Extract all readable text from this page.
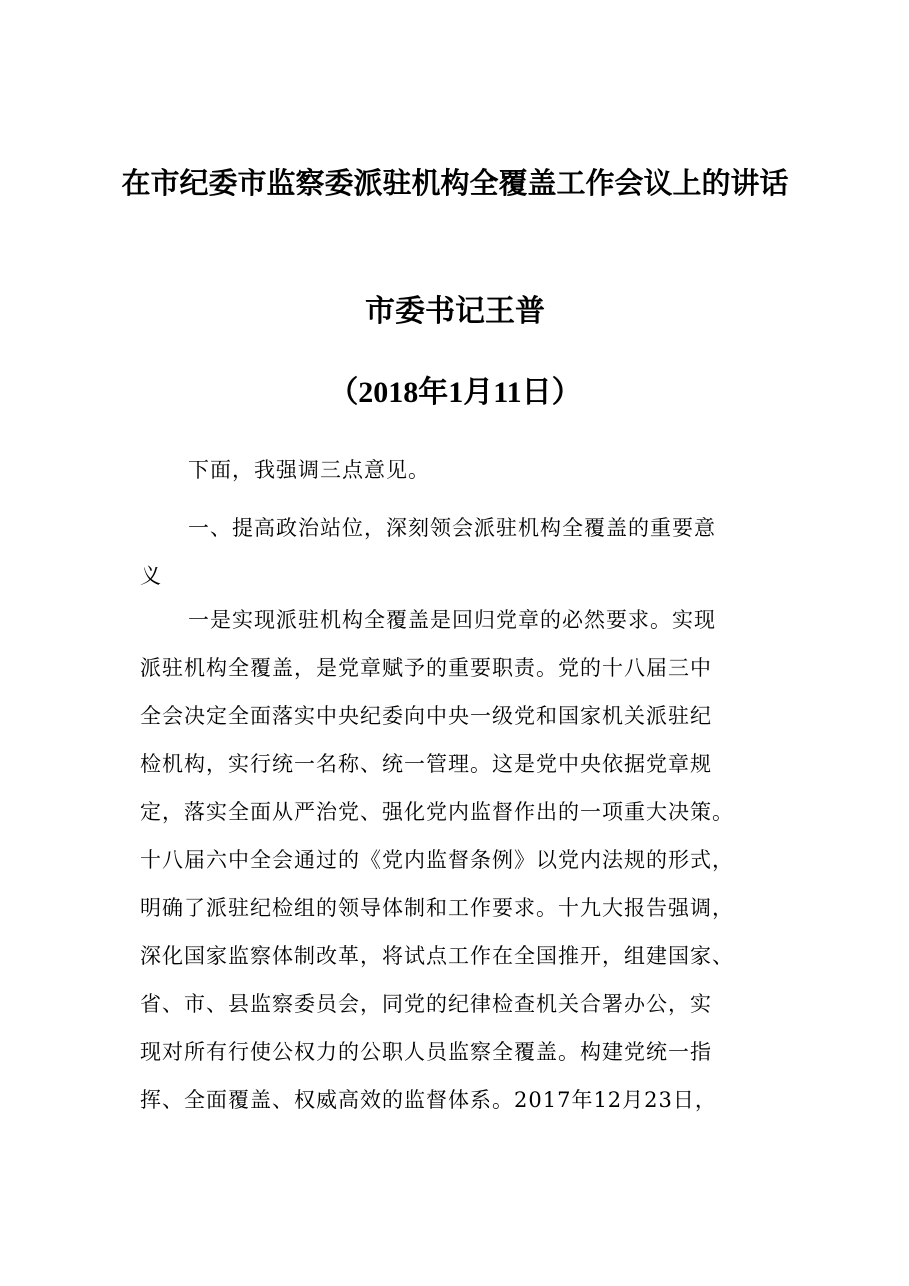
在市纪委市监察委派驻机构全覆盖工作会议上的讲话
市委书记王普
（2018年1月11日）
下面，我强调三点意见。
一、提高政治站位，深刻领会派驻机构全覆盖的重要意
义
一是实现派驻机构全覆盖是回归党章的必然要求。实现
派驻机构全覆盖，是党章赋予的重要职责。党的十八届三中
全会决定全面落实中央纪委向中央一级党和国家机关派驻纪
检机构，实行统一名称、统一管理。这是党中央依据党章规
定，落实全面从严治党、强化党内监督作出的一项重大决策。
十八届六中全会通过的《党内监督条例》以党内法规的形式，
明确了派驻纪检组的领导体制和工作要求。十九大报告强调，
深化国家监察体制改革，将试点工作在全国推开，组建国家、
省、市、县监察委员会，同党的纪律检查机关合署办公，实
现对所有行使公权力的公职人员监察全覆盖。构建党统一指
挥、全面覆盖、权威高效的监督体系。2017年12月23日，
